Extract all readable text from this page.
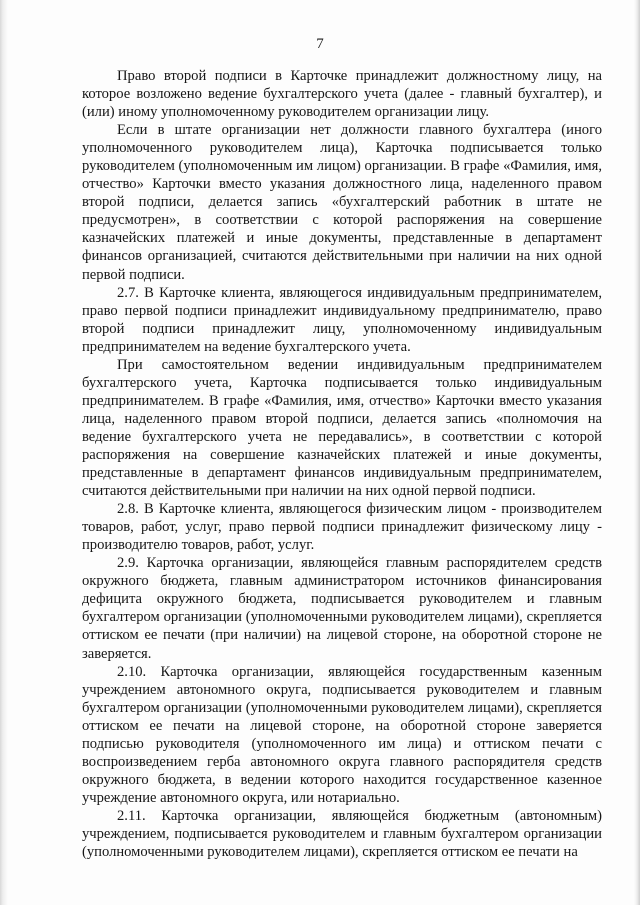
7

Право второй подписи в Карточке принадлежит должностному лицу, на которое возложено ведение бухгалтерского учета (далее - главный бухгалтер), и (или) иному уполномоченному руководителем организации лицу.

Если в штате организации нет должности главного бухгалтера (иного уполномоченного руководителем лица), Карточка подписывается только руководителем (уполномоченным им лицом) организации. В графе «Фамилия, имя, отчество» Карточки вместо указания должностного лица, наделенного правом второй подписи, делается запись «бухгалтерский работник в штате не предусмотрен», в соответствии с которой распоряжения на совершение казначейских платежей и иные документы, представленные в департамент финансов организацией, считаются действительными при наличии на них одной первой подписи.

2.7. В Карточке клиента, являющегося индивидуальным предпринимателем, право первой подписи принадлежит индивидуальному предпринимателю, право второй подписи принадлежит лицу, уполномоченному индивидуальным предпринимателем на ведение бухгалтерского учета.

При самостоятельном ведении индивидуальным предпринимателем бухгалтерского учета, Карточка подписывается только индивидуальным предпринимателем. В графе «Фамилия, имя, отчество» Карточки вместо указания лица, наделенного правом второй подписи, делается запись «полномочия на ведение бухгалтерского учета не передавались», в соответствии с которой распоряжения на совершение казначейских платежей и иные документы, представленные в департамент финансов индивидуальным предпринимателем, считаются действительными при наличии на них одной первой подписи.

2.8. В Карточке клиента, являющегося физическим лицом - производителем товаров, работ, услуг, право первой подписи принадлежит физическому лицу - производителю товаров, работ, услуг.

2.9. Карточка организации, являющейся главным распорядителем средств окружного бюджета, главным администратором источников финансирования дефицита окружного бюджета, подписывается руководителем и главным бухгалтером организации (уполномоченными руководителем лицами), скрепляется оттиском ее печати (при наличии) на лицевой стороне, на оборотной стороне не заверяется.

2.10. Карточка организации, являющейся государственным казенным учреждением автономного округа, подписывается руководителем и главным бухгалтером организации (уполномоченными руководителем лицами), скрепляется оттиском ее печати на лицевой стороне, на оборотной стороне заверяется подписью руководителя (уполномоченного им лица) и оттиском печати с воспроизведением герба автономного округа главного распорядителя средств окружного бюджета, в ведении которого находится государственное казенное учреждение автономного округа, или нотариально.

2.11. Карточка организации, являющейся бюджетным (автономным) учреждением, подписывается руководителем и главным бухгалтером организации (уполномоченными руководителем лицами), скрепляется оттиском ее печати на
